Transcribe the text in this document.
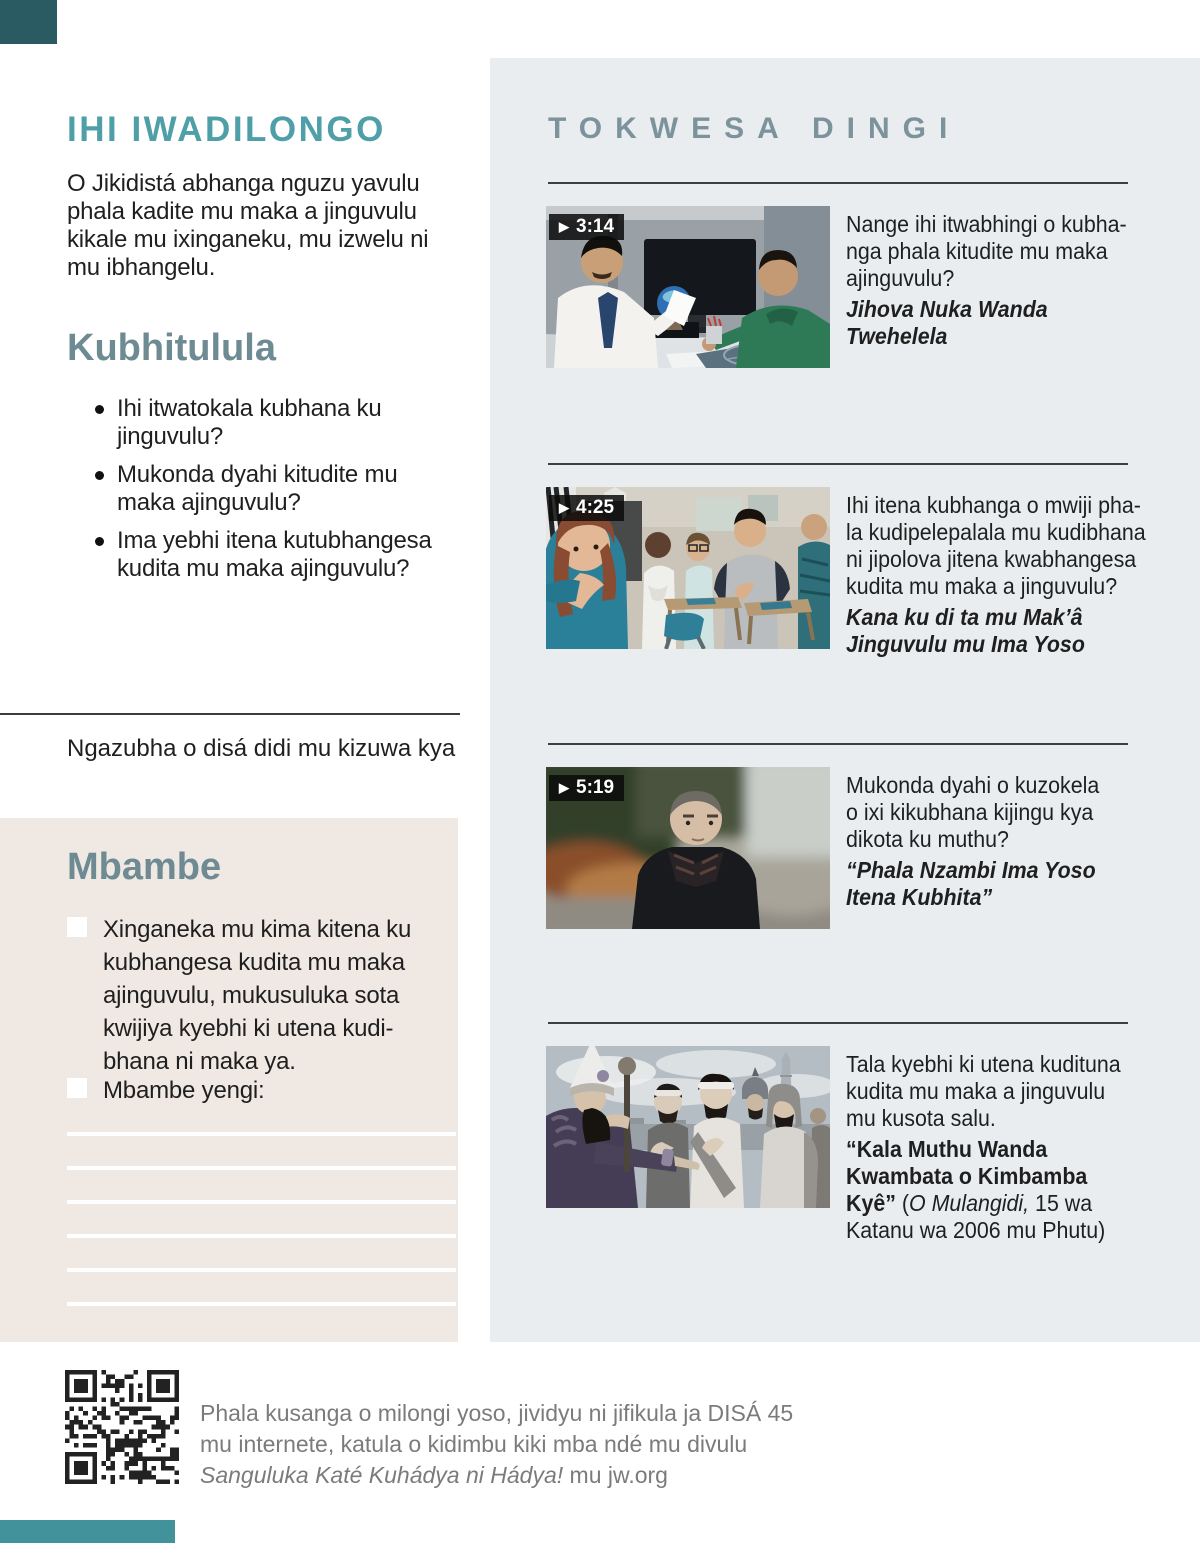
IHI IWADILONGO
O Jikidistá abhanga nguzu yavulu
phala kadite mu maka a jinguvulu
kikale mu ixinganeku, mu izwelu ni
mu ibhangelu.
Kubhitulula
Ihi itwatokala kubhana ku
jinguvulu?
Mukonda dyahi kitudite mu
maka ajinguvulu?
Ima yebhi itena kutubhangesa
kudita mu maka ajinguvulu?
Ngazubha o disá didi mu kizuwa kya
Mbambe
Xinganeka mu kima kitena ku
kubhangesa kudita mu maka
ajinguvulu, mukusuluka sota
kwijiya kyebhi ki utena kudi-
bhana ni maka ya.
Mbambe yengi:
TOKWESA DINGI
▶ 3:14	Nange ihi itwabhingi o kubha-
nga phala kitudite mu maka
ajinguvulu?
Jihova Nuka Wanda
Twehelela
▶ 4:25	Ihi itena kubhanga o mwiji pha-
la kudipelepalala mu kudibhana
ni jipolova jitena kwabhangesa
kudita mu maka a jinguvulu?
Kana ku di ta mu Mak’â
Jinguvulu mu Ima Yoso
▶ 5:19	Mukonda dyahi o kuzokela
o ixi kikubhana kijingu kya
dikota ku muthu?
“Phala Nzambi Ima Yoso
Itena Kubhita”
Tala kyebhi ki utena kudituna
kudita mu maka a jinguvulu
mu kusota salu.
“Kala Muthu Wanda
Kwambata o Kimbamba
Kyê” (O Mulangidi, 15 wa
Katanu wa 2006 mu Phutu)
Phala kusanga o milongi yoso, jividyu ni jifikula ja DISÁ 45
mu internete, katula o kidimbu kiki mba ndé mu divulu
Sanguluka Katé Kuhádya ni Hádya! mu jw.org
